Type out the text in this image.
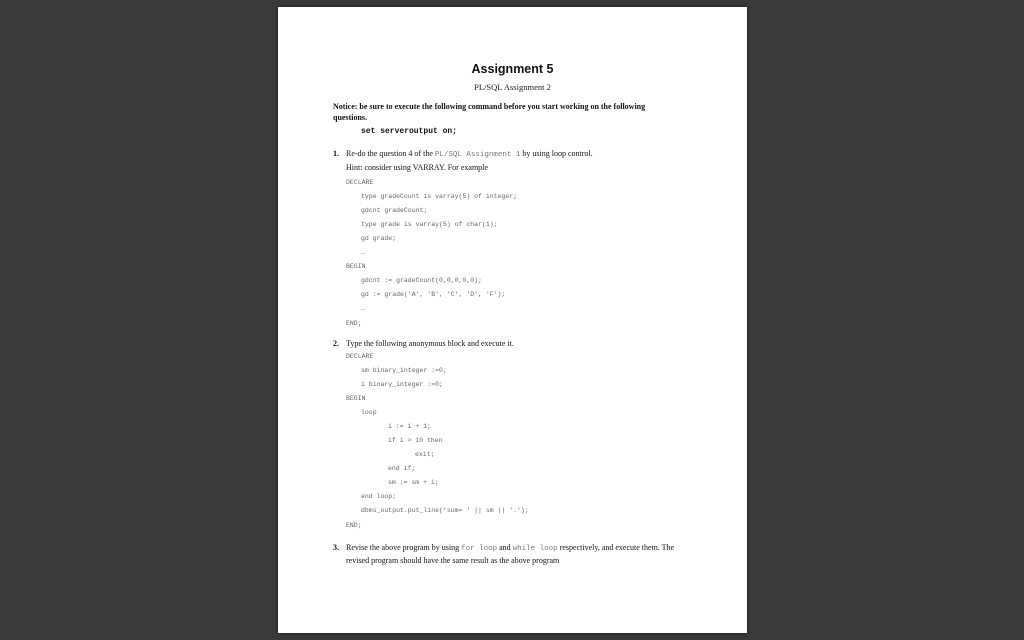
Assignment 5
PL/SQL Assignment 2
Notice: be sure to execute the following command before you start working on the following questions.
set serveroutput on;
1. Re-do the question 4 of the PL/SQL Assignment 1 by using loop control.
Hint: consider using VARRAY. For example
DECLARE
type gradeCount is varray(5) of integer;
gdcnt gradeCount;
type grade is varray(5) of char(1);
gd grade;
…
BEGIN
gdcnt := gradeCount(0,0,0,0,0);
gd := grade('A', 'B', 'C', 'D', 'F');
…
END;
2. Type the following anonymous block and execute it.
DECLARE
sm binary_integer :=0;
i binary_integer :=0;
BEGIN
loop
i := i + 1;
if i > 10 then
exit;
end if;
sm := sm + i;
end loop;
dbms_output.put_line('sum= ' || sm || '.');
END;
3. Revise the above program by using for loop and while loop respectively, and execute them. The revised program should have the same result as the above program
